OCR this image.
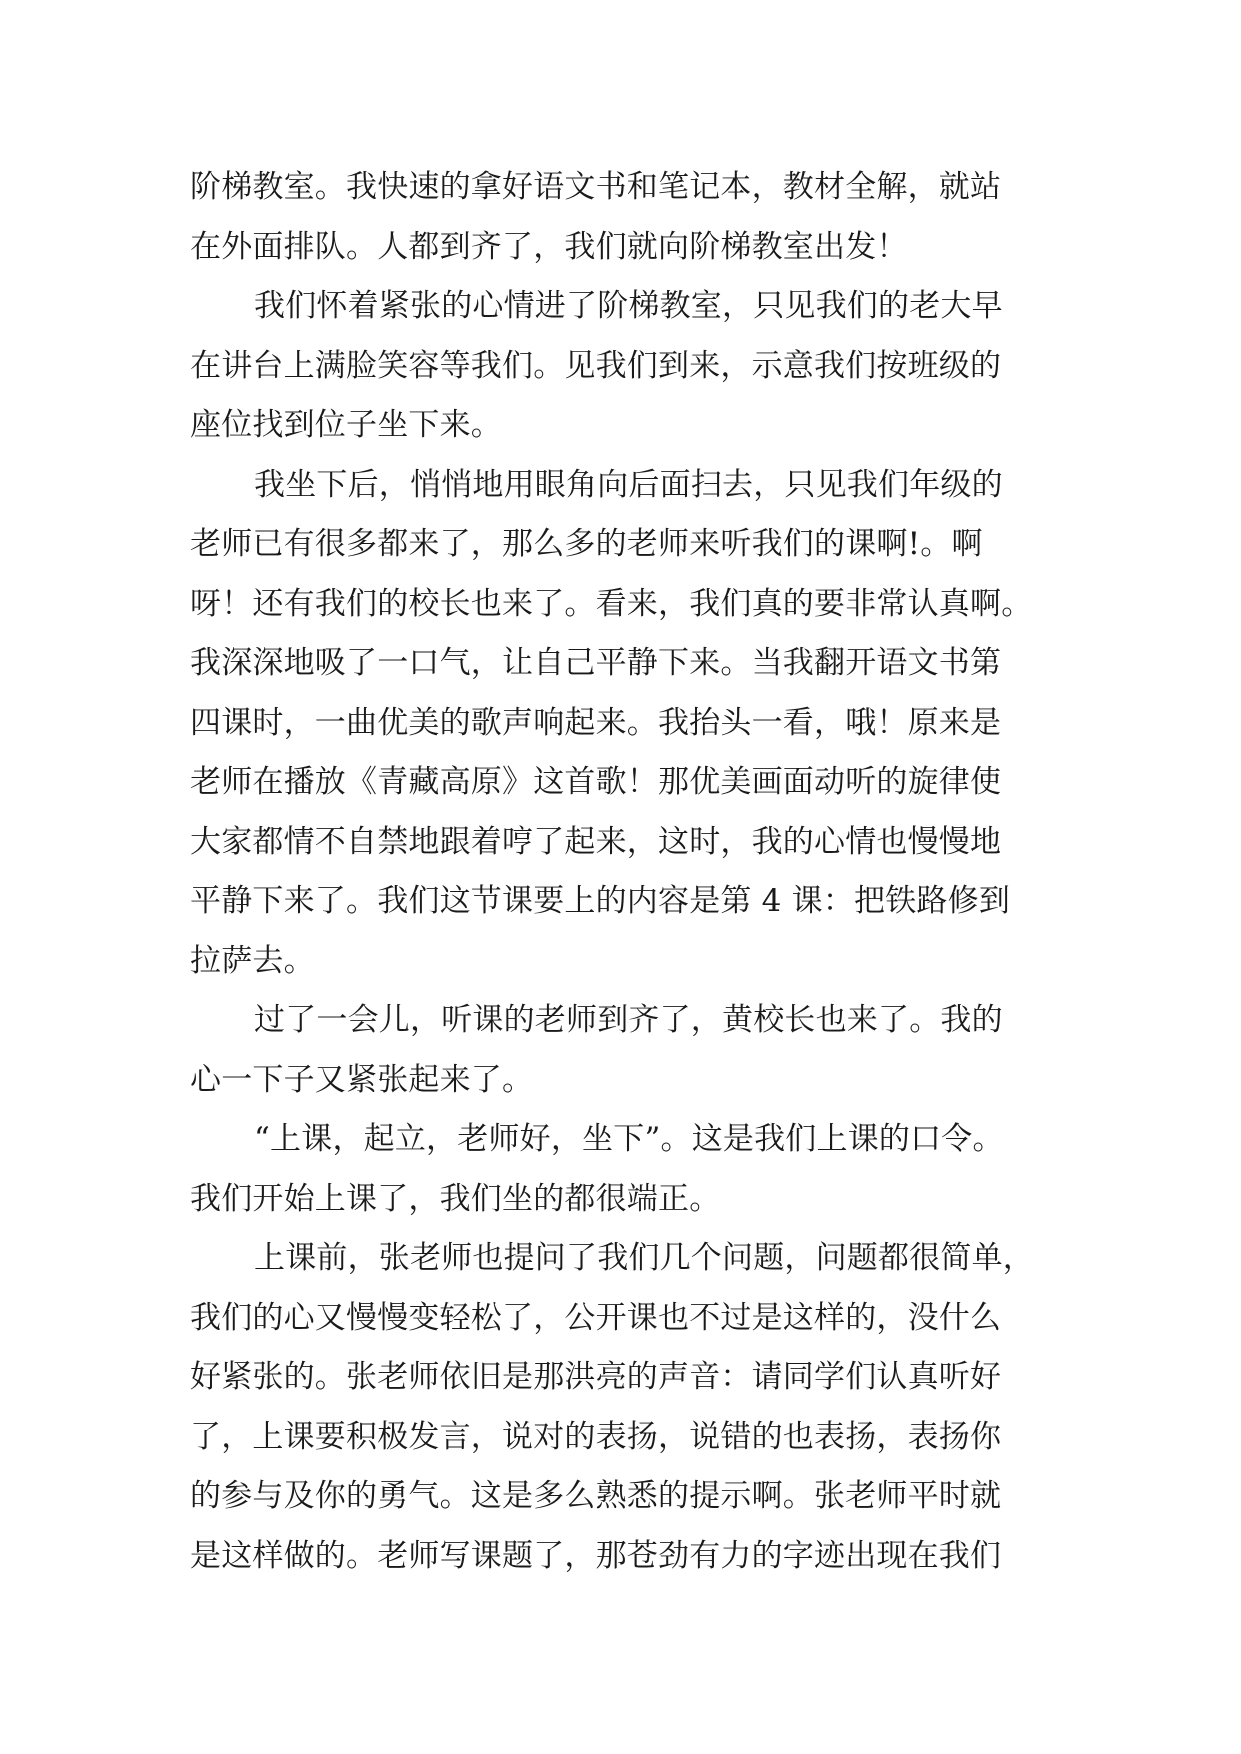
阶梯教室。我快速的拿好语文书和笔记本，教材全解，就站
在外面排队。人都到齐了，我们就向阶梯教室出发！
我们怀着紧张的心情进了阶梯教室，只见我们的老大早
在讲台上满脸笑容等我们。见我们到来，示意我们按班级的
座位找到位子坐下来。
我坐下后，悄悄地用眼角向后面扫去，只见我们年级的
老师已有很多都来了，那么多的老师来听我们的课啊!。啊
呀！还有我们的校长也来了。看来，我们真的要非常认真啊。
我深深地吸了一口气，让自己平静下来。当我翻开语文书第
四课时，一曲优美的歌声响起来。我抬头一看，哦！原来是
老师在播放《青藏高原》这首歌！那优美画面动听的旋律使
大家都情不自禁地跟着哼了起来，这时，我的心情也慢慢地
平静下来了。我们这节课要上的内容是第 4 课：把铁路修到
拉萨去。
过了一会儿，听课的老师到齐了，黄校长也来了。我的
心一下子又紧张起来了。
“上课，起立，老师好，坐下”。这是我们上课的口令。
我们开始上课了，我们坐的都很端正。
上课前，张老师也提问了我们几个问题，问题都很简单，
我们的心又慢慢变轻松了，公开课也不过是这样的，没什么
好紧张的。张老师依旧是那洪亮的声音：请同学们认真听好
了，上课要积极发言，说对的表扬，说错的也表扬，表扬你
的参与及你的勇气。这是多么熟悉的提示啊。张老师平时就
是这样做的。老师写课题了，那苍劲有力的字迹出现在我们
